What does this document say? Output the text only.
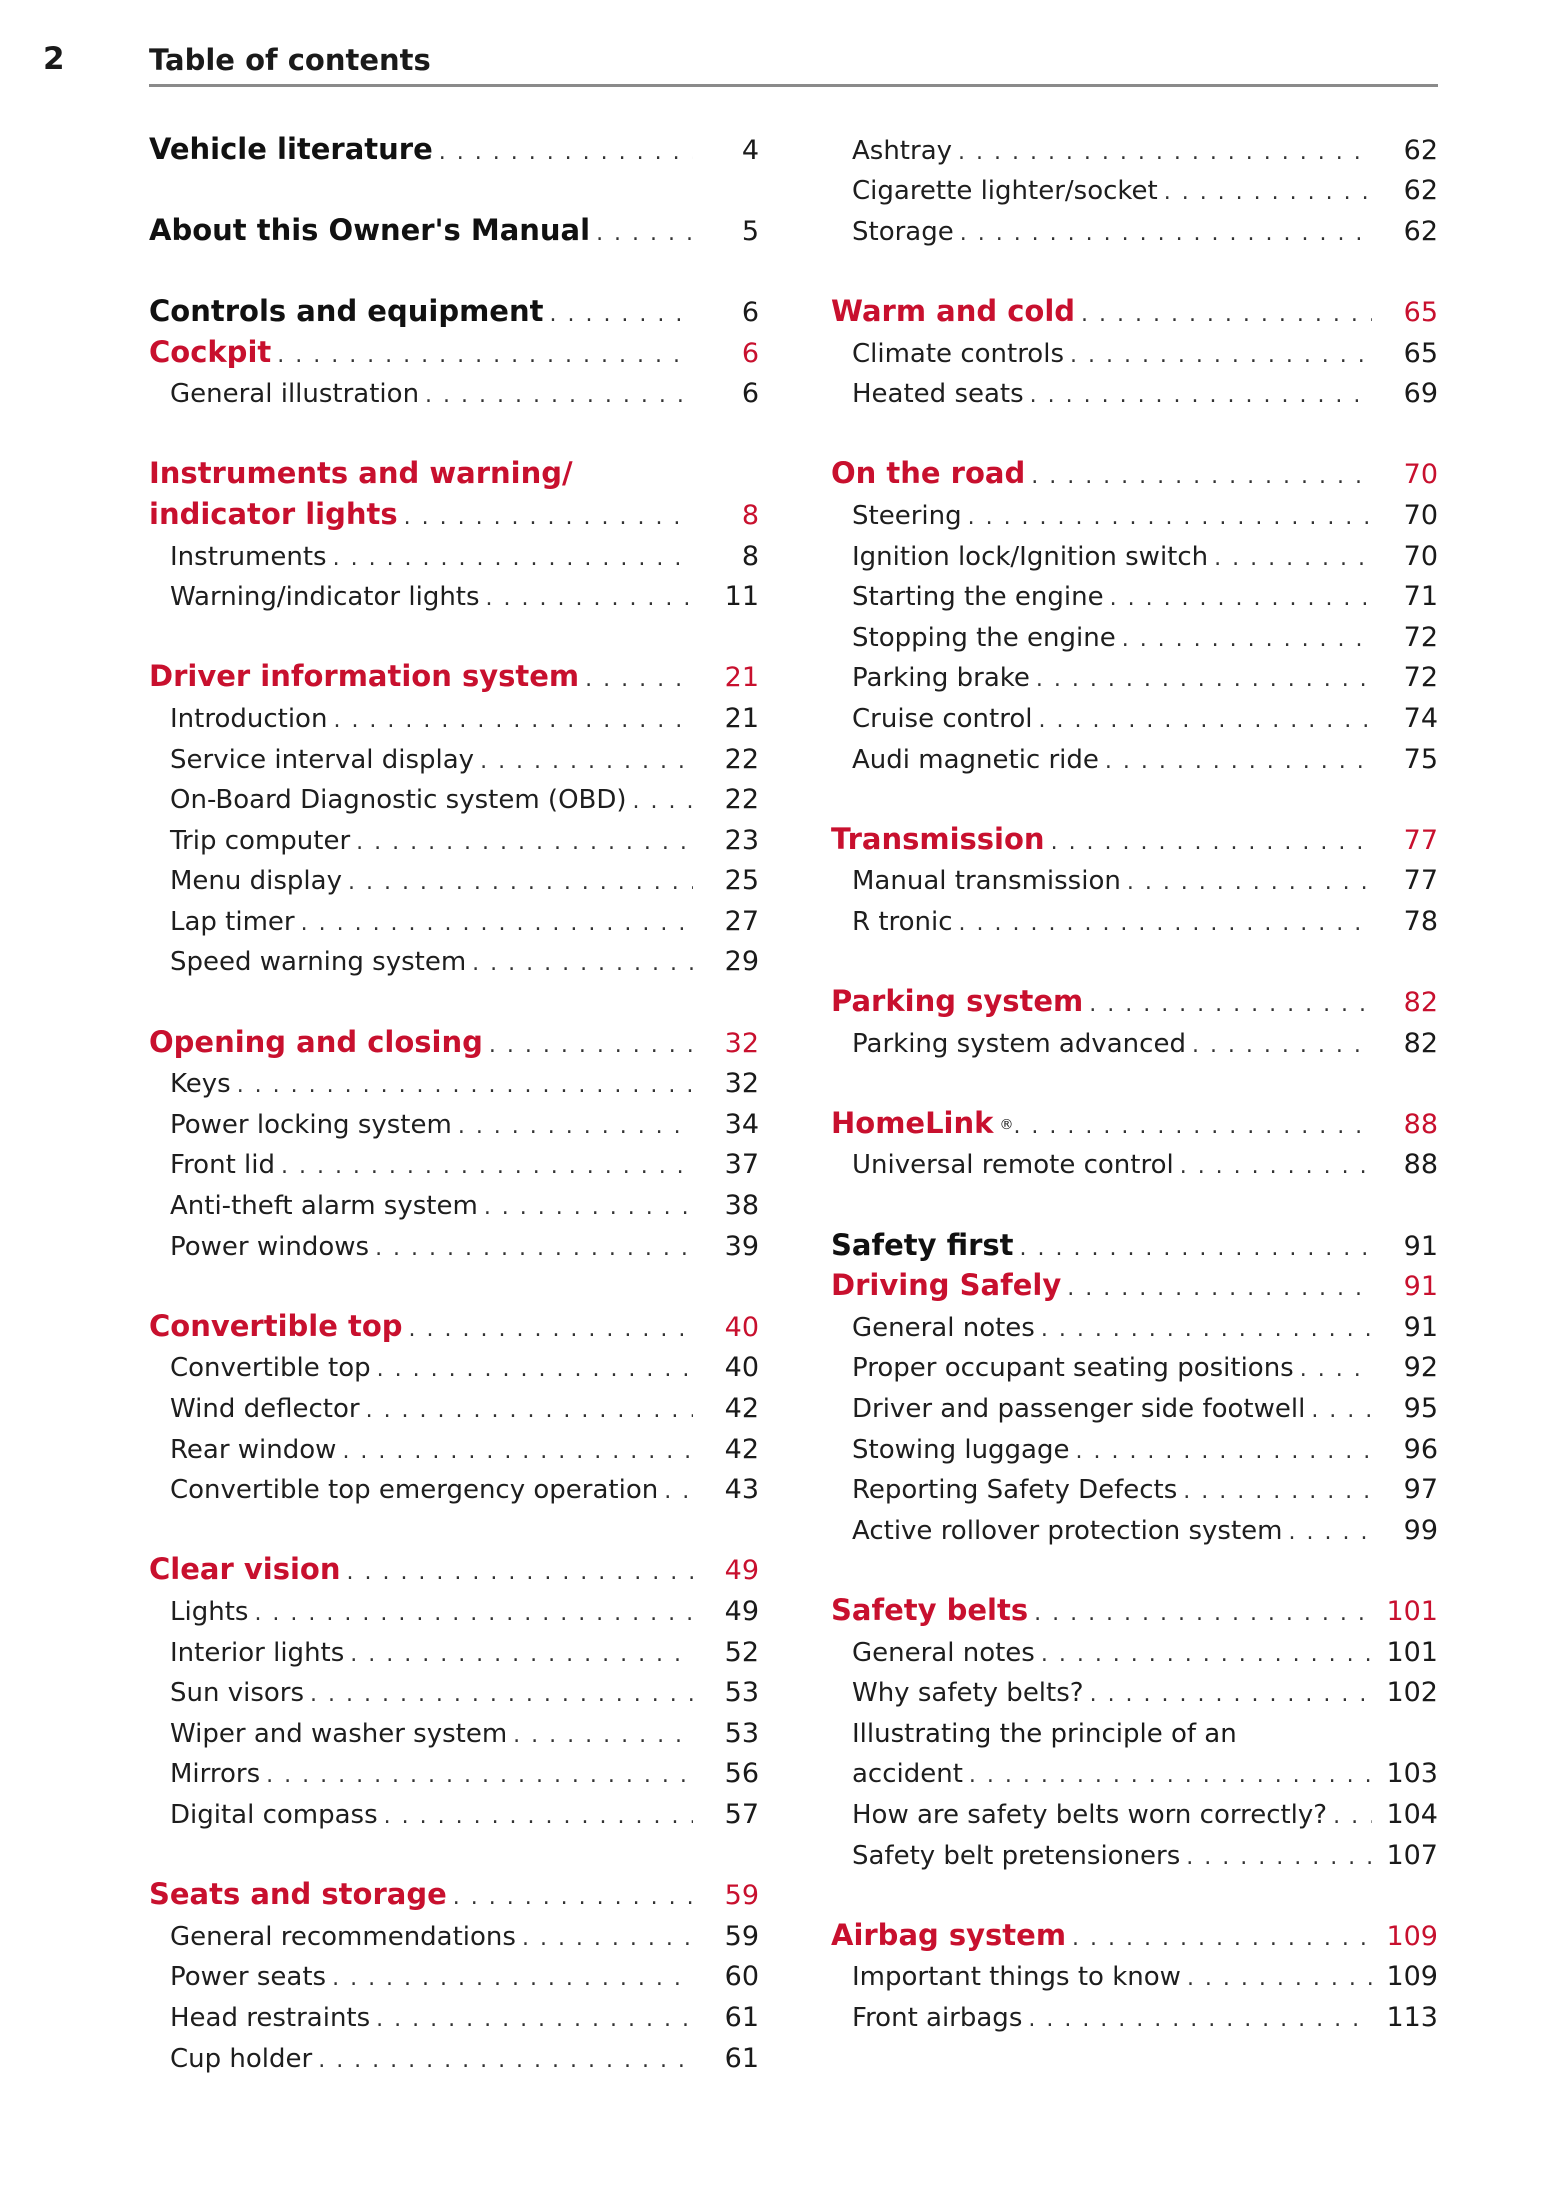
2	Table of contents
Vehicle literature . . .	4
About this Owner's Manual . . .	5
Controls and equipment . . .	6
Cockpit . . .	6
General illustration . . .	6
Instruments and warning/
indicator lights . . .	8
Instruments . . .	8
Warning/indicator lights . . .	11
Driver information system . . .	21
Introduction . . .	21
Service interval display . . .	22
On-Board Diagnostic system (OBD) . . .	22
Trip computer . . .	23
Menu display . . .	25
Lap timer . . .	27
Speed warning system . . .	29
Opening and closing . . .	32
Keys . . .	32
Power locking system . . .	34
Front lid . . .	37
Anti-theft alarm system . . .	38
Power windows . . .	39
Convertible top . . .	40
Convertible top . . .	40
Wind deflector . . .	42
Rear window . . .	42
Convertible top emergency operation . . .	43
Clear vision . . .	49
Lights . . .	49
Interior lights . . .	52
Sun visors . . .	53
Wiper and washer system . . .	53
Mirrors . . .	56
Digital compass . . .	57
Seats and storage . . .	59
General recommendations . . .	59
Power seats . . .	60
Head restraints . . .	61
Cup holder . . .	61
Ashtray . . .	62
Cigarette lighter/socket . . .	62
Storage . . .	62
Warm and cold . . .	65
Climate controls . . .	65
Heated seats . . .	69
On the road . . .	70
Steering . . .	70
Ignition lock/Ignition switch . . .	70
Starting the engine . . .	71
Stopping the engine . . .	72
Parking brake . . .	72
Cruise control . . .	74
Audi magnetic ride . . .	75
Transmission . . .	77
Manual transmission . . .	77
R tronic . . .	78
Parking system . . .	82
Parking system advanced . . .	82
HomeLink ® . . .	88
Universal remote control . . .	88
Safety first . . .	91
Driving Safely . . .	91
General notes . . .	91
Proper occupant seating positions . . .	92
Driver and passenger side footwell . . .	95
Stowing luggage . . .	96
Reporting Safety Defects . . .	97
Active rollover protection system . . .	99
Safety belts . . .	101
General notes . . .	101
Why safety belts? . . .	102
Illustrating the principle of an
accident . . .	103
How are safety belts worn correctly? . . .	104
Safety belt pretensioners . . .	107
Airbag system . . .	109
Important things to know . . .	109
Front airbags . . .	113
